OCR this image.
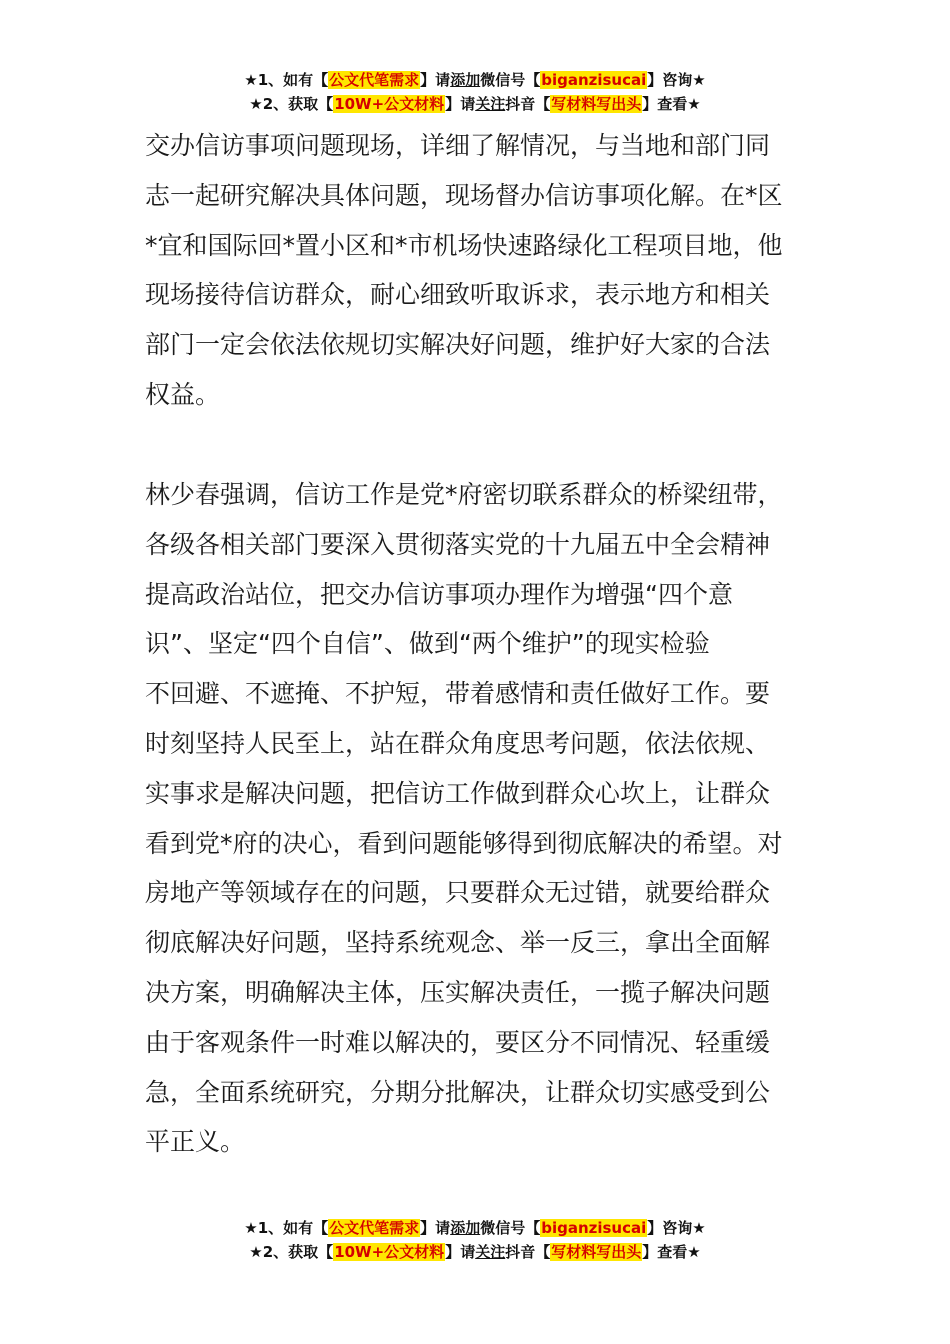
★1、如有【公文代笔需求】请添加微信号【biganzisucai】咨询★
★2、获取【10W+公文材料】请关注抖音【写材料写出头】查看★
交办信访事项问题现场，详细了解情况，与当地和部门同
志一起研究解决具体问题，现场督办信访事项化解。在*区
*宜和国际回*置小区和*市机场快速路绿化工程项目地，他
现场接待信访群众，耐心细致听取诉求，表示地方和相关
部门一定会依法依规切实解决好问题，维护好大家的合法
权益。
林少春强调，信访工作是党*府密切联系群众的桥梁纽带，
各级各相关部门要深入贯彻落实党的十九届五中全会精神
提高政治站位，把交办信访事项办理作为增强“四个意
识”、坚定“四个自信”、做到“两个维护”的现实检验
不回避、不遮掩、不护短，带着感情和责任做好工作。要
时刻坚持人民至上，站在群众角度思考问题，依法依规、
实事求是解决问题，把信访工作做到群众心坎上，让群众
看到党*府的决心，看到问题能够得到彻底解决的希望。对
房地产等领域存在的问题，只要群众无过错，就要给群众
彻底解决好问题，坚持系统观念、举一反三，拿出全面解
决方案，明确解决主体，压实解决责任，一揽子解决问题
由于客观条件一时难以解决的，要区分不同情况、轻重缓
急，全面系统研究，分期分批解决，让群众切实感受到公
平正义。
★1、如有【公文代笔需求】请添加微信号【biganzisucai】咨询★
★2、获取【10W+公文材料】请关注抖音【写材料写出头】查看★
